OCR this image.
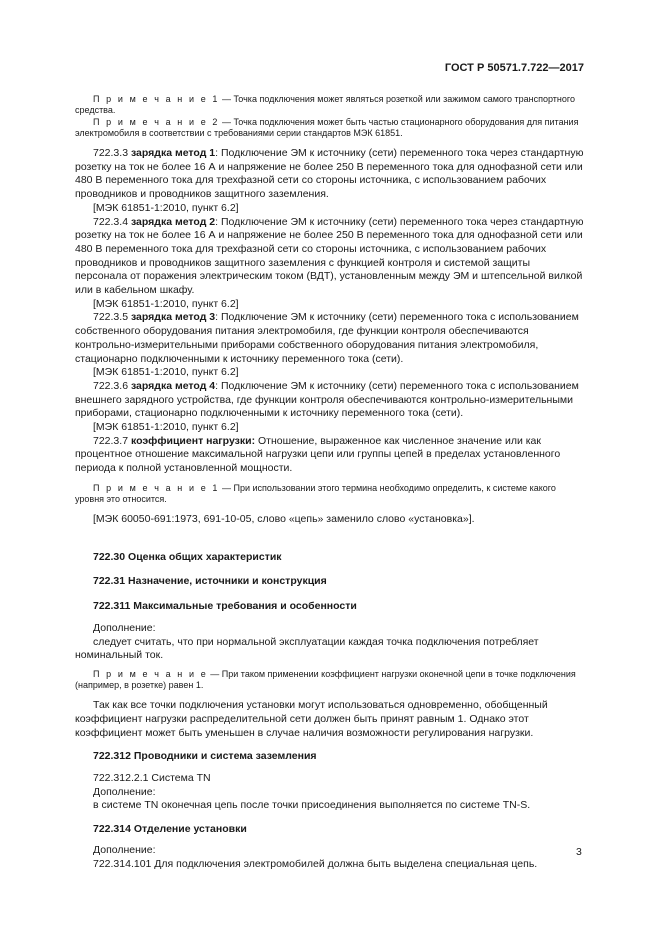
ГОСТ Р 50571.7.722—2017

П р и м е ч а н и е 1 — Точка подключения может являться розеткой или зажимом самого транспортного средства.

П р и м е ч а н и е 2 — Точка подключения может быть частью стационарного оборудования для питания электромобиля в соответствии с требованиями серии стандартов МЭК 61851.

722.3.3 зарядка метод 1: Подключение ЭМ к источнику (сети) переменного тока через стандартную розетку на ток не более 16 А и напряжение не более 250 В переменного тока для однофазной сети или 480 В переменного тока для трехфазной сети со стороны источника, с использованием рабочих проводников и проводников защитного заземления.

[МЭК 61851-1:2010, пункт 6.2]

722.3.4 зарядка метод 2: Подключение ЭМ к источнику (сети) переменного тока через стандартную розетку на ток не более 16 А и напряжение не более 250 В переменного тока для однофазной сети или 480 В переменного тока для трехфазной сети со стороны источника, с использованием рабочих проводников и проводников защитного заземления с функцией контроля и системой защиты персонала от поражения электрическим током (ВДТ), установленным между ЭМ и штепсельной вилкой или в кабельном шкафу.

[МЭК 61851-1:2010, пункт 6.2]

722.3.5 зарядка метод 3: Подключение ЭМ к источнику (сети) переменного тока с использованием собственного оборудования питания электромобиля, где функции контроля обеспечиваются контрольно-измерительными приборами собственного оборудования питания электромобиля, стационарно подключенными к источнику переменного тока (сети).

[МЭК 61851-1:2010, пункт 6.2]

722.3.6 зарядка метод 4: Подключение ЭМ к источнику (сети) переменного тока с использованием внешнего зарядного устройства, где функции контроля обеспечиваются контрольно-измерительными приборами, стационарно подключенными к источнику переменного тока (сети).

[МЭК 61851-1:2010, пункт 6.2]

722.3.7 коэффициент нагрузки: Отношение, выраженное как численное значение или как процентное отношение максимальной нагрузки цепи или группы цепей в пределах установленного периода к полной установленной мощности.

П р и м е ч а н и е 1 — При использовании этого термина необходимо определить, к системе какого уровня это относится.

[МЭК 60050-691:1973, 691-10-05, слово «цепь» заменило слово «установка»].

722.30 Оценка общих характеристик

722.31 Назначение, источники и конструкция

722.311 Максимальные требования и особенности

Дополнение:

следует считать, что при нормальной эксплуатации каждая точка подключения потребляет номинальный ток.

П р и м е ч а н и е — При таком применении коэффициент нагрузки оконечной цепи в точке подключения (например, в розетке) равен 1.

Так как все точки подключения установки могут использоваться одновременно, обобщенный коэффициент нагрузки распределительной сети должен быть принят равным 1. Однако этот коэффициент может быть уменьшен в случае наличия возможности регулирования нагрузки.

722.312 Проводники и система заземления

722.312.2.1 Система TN

Дополнение:

в системе TN оконечная цепь после точки присоединения выполняется по системе TN-S.

722.314 Отделение установки

Дополнение:

722.314.101 Для подключения электромобилей должна быть выделена специальная цепь.

3
